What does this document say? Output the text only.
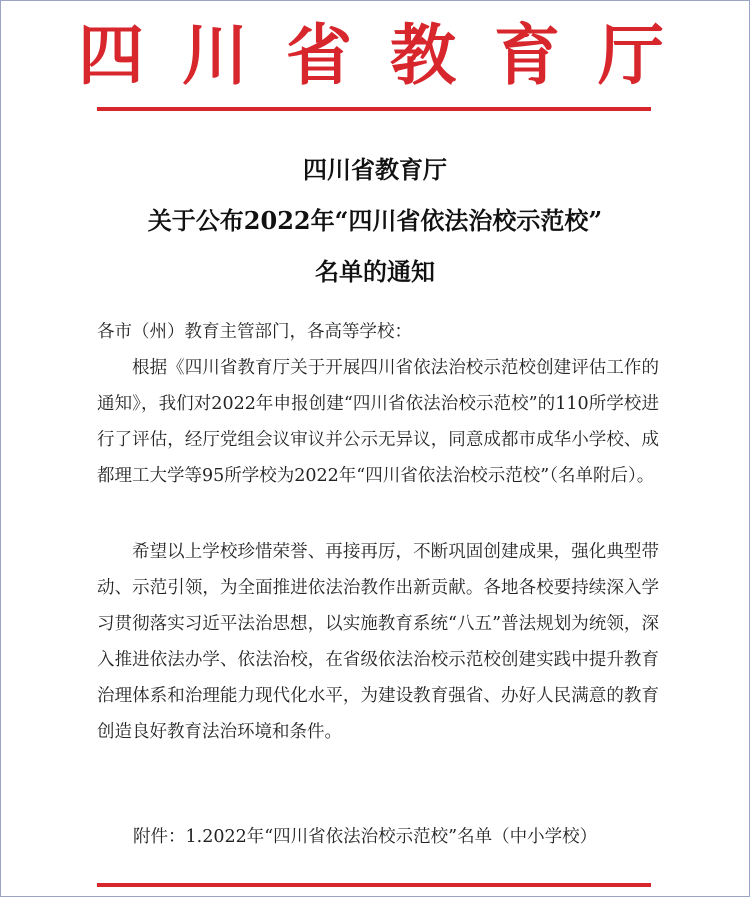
四川省教育厅
四川省教育厅
关于公布2022年“四川省依法治校示范校”
名单的通知
各市（州）教育主管部门，各高等学校：
根据《四川省教育厅关于开展四川省依法治校示范校创建评估工作的通知》，我们对2022年申报创建“四川省依法治校示范校”的110所学校进行了评估，经厅党组会议审议并公示无异议，同意成都市成华小学校、成都理工大学等95所学校为2022年“四川省依法治校示范校”（名单附后）。
希望以上学校珍惜荣誉、再接再厉，不断巩固创建成果，强化典型带动、示范引领，为全面推进依法治教作出新贡献。各地各校要持续深入学习贯彻落实习近平法治思想，以实施教育系统“八五”普法规划为统领，深入推进依法办学、依法治校，在省级依法治校示范校创建实践中提升教育治理体系和治理能力现代化水平，为建设教育强省、办好人民满意的教育创造良好教育法治环境和条件。
附件：1.2022年“四川省依法治校示范校”名单（中小学校）
